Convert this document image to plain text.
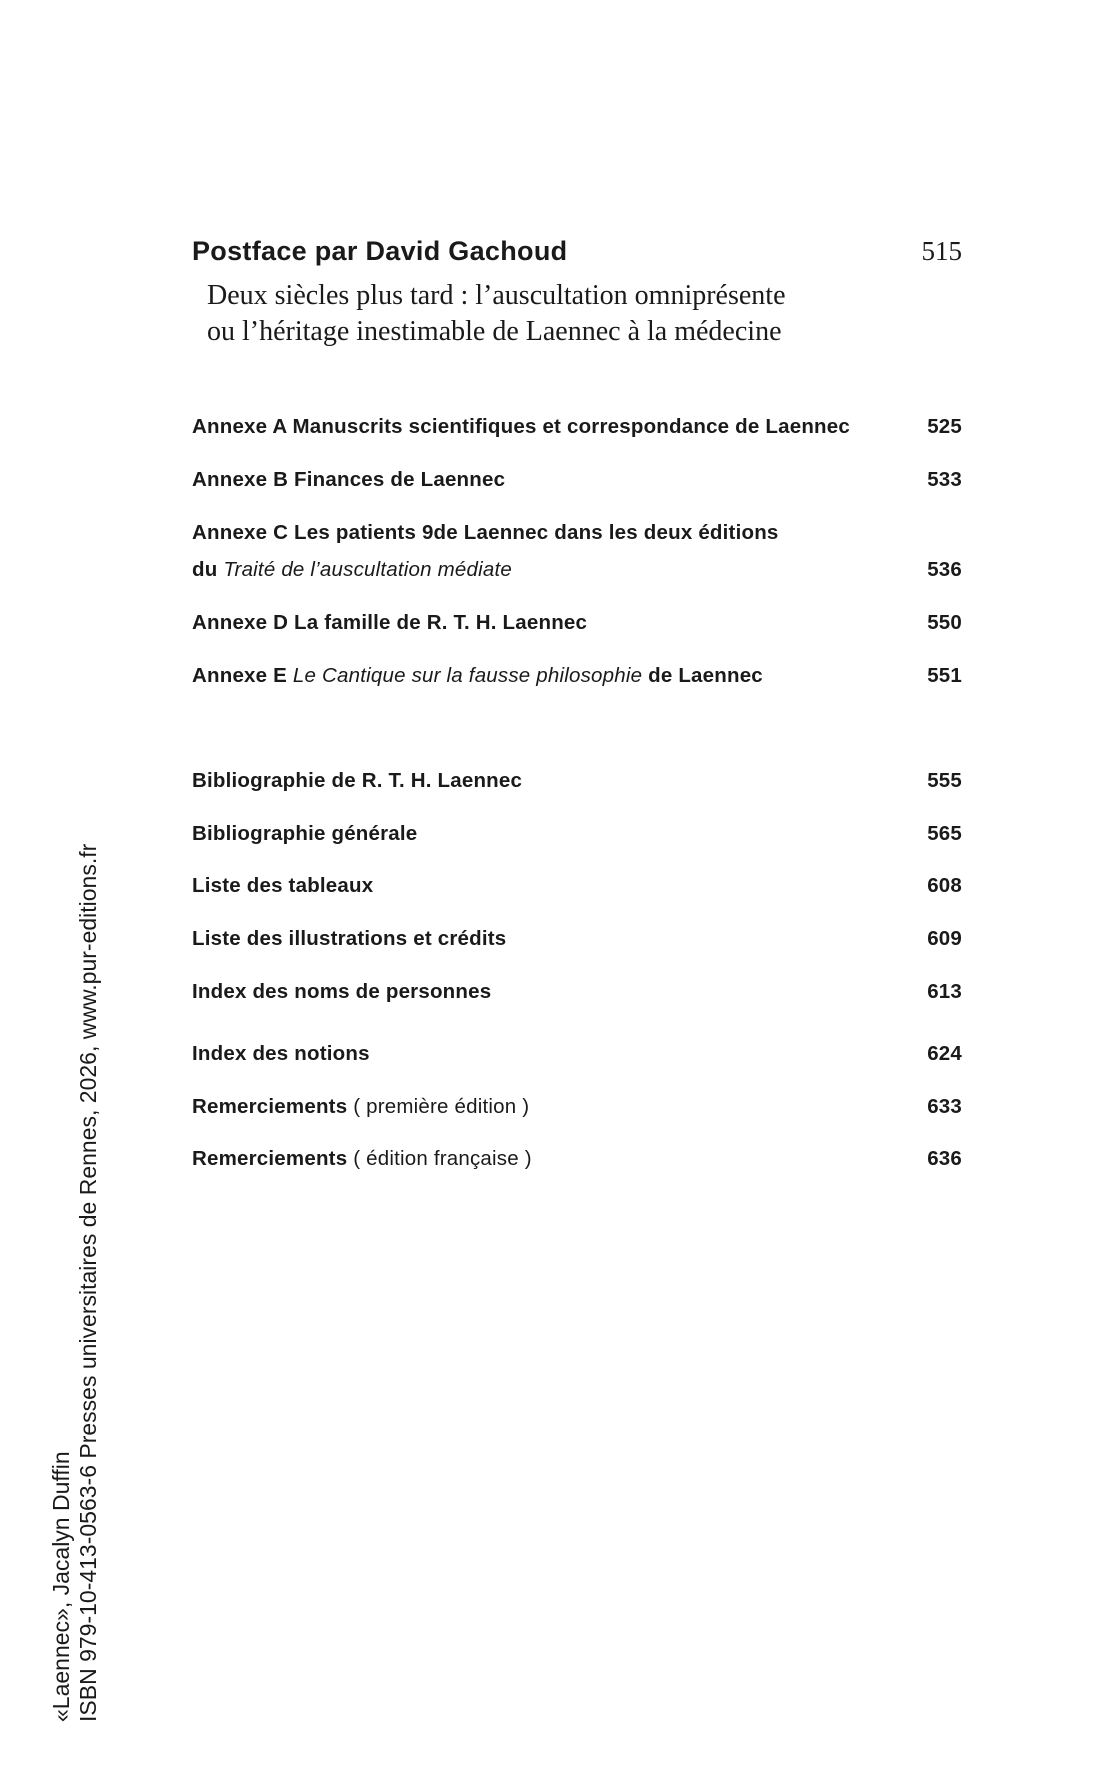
Postface par David Gachoud	515
Deux siècles plus tard : l’auscultation omniprésente
ou l’héritage inestimable de Laennec à la médecine
Annexe A Manuscrits scientifiques et correspondance de Laennec	525
Annexe B Finances de Laennec	533
Annexe C Les patients 9de Laennec dans les deux éditions
du Traité de l’auscultation médiate	536
Annexe D La famille de R. T. H. Laennec	550
Annexe E Le Cantique sur la fausse philosophie de Laennec	551
Bibliographie de R. T. H. Laennec	555
Bibliographie générale	565
Liste des tableaux	608
Liste des illustrations et crédits	609
Index des noms de personnes	613
Index des notions	624
Remerciements ( première édition )	633
Remerciements ( édition française )	636
«Laennec», Jacalyn Duffin ISBN 979-10-413-0563-6 Presses universitaires de Rennes, 2026, www.pur-editions.fr
